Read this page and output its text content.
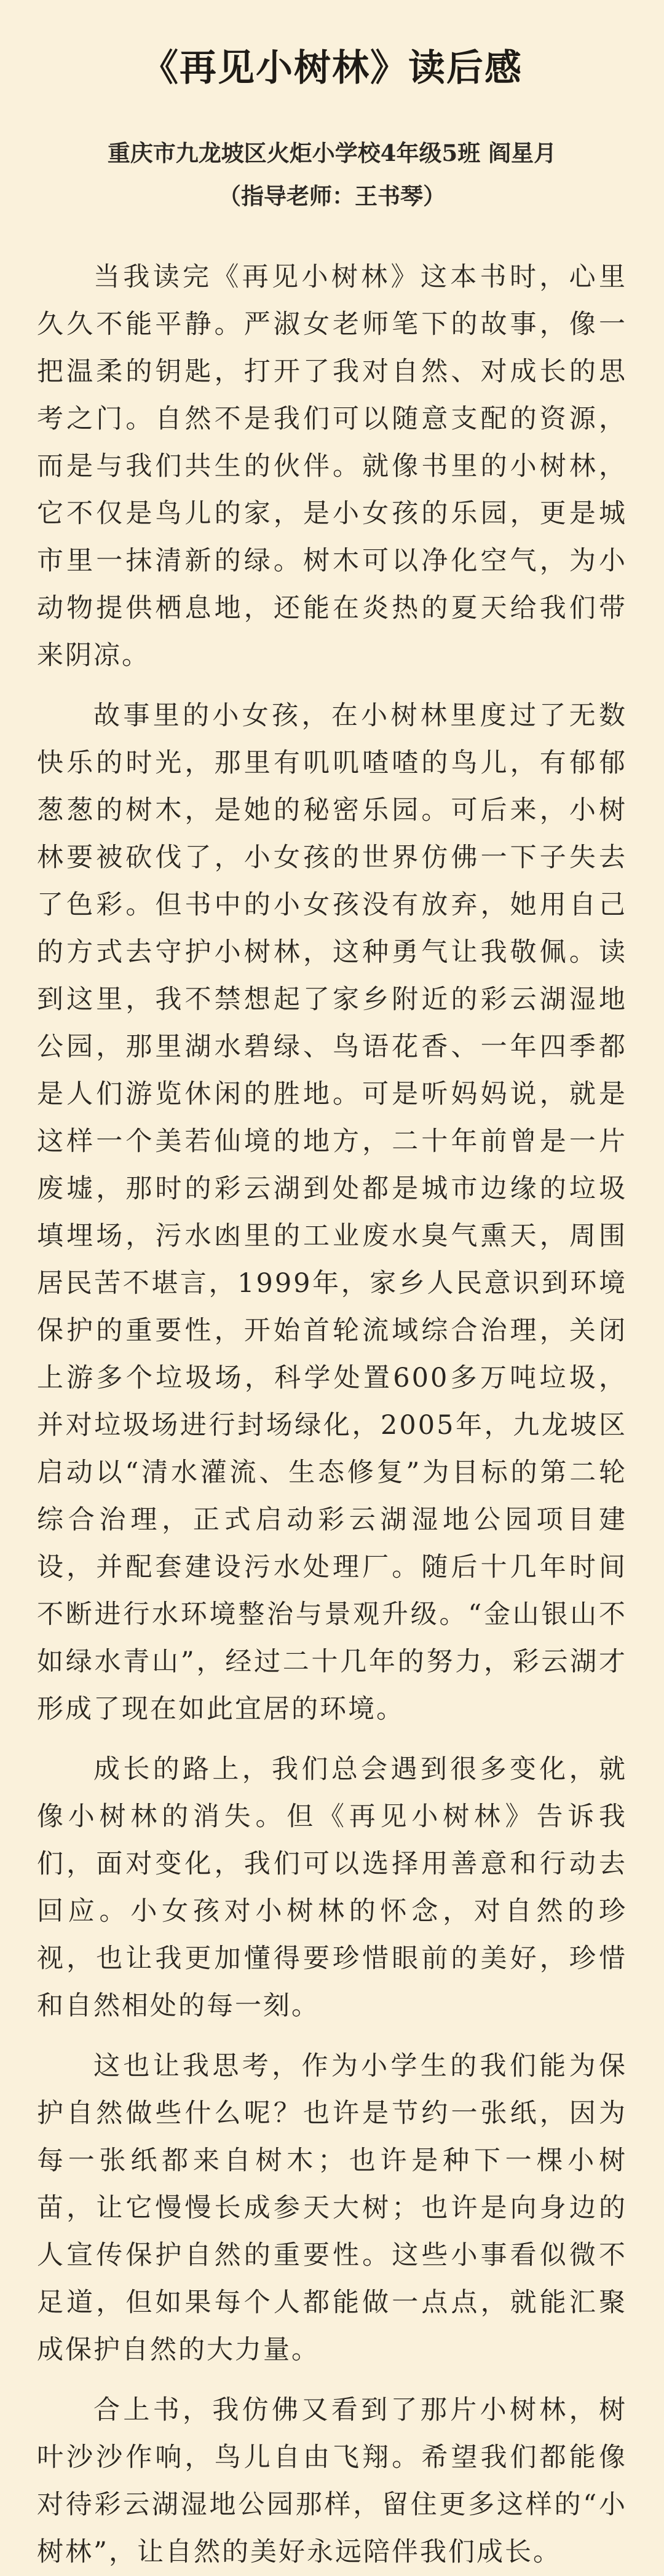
《再见小树林》读后感

重庆市九龙坡区火炬小学校4年级5班 阎星月

（指导老师：王书琴）

当我读完《再见小树林》这本书时，心里久久不能平静。严淑女老师笔下的故事，像一把温柔的钥匙，打开了我对自然、对成长的思考之门。自然不是我们可以随意支配的资源，而是与我们共生的伙伴。就像书里的小树林，它不仅是鸟儿的家，是小女孩的乐园，更是城市里一抹清新的绿。树木可以净化空气，为小动物提供栖息地，还能在炎热的夏天给我们带来阴凉。

故事里的小女孩，在小树林里度过了无数快乐的时光，那里有叽叽喳喳的鸟儿，有郁郁葱葱的树木，是她的秘密乐园。可后来，小树林要被砍伐了，小女孩的世界仿佛一下子失去了色彩。但书中的小女孩没有放弃，她用自己的方式去守护小树林，这种勇气让我敬佩。读到这里，我不禁想起了家乡附近的彩云湖湿地公园，那里湖水碧绿、鸟语花香、一年四季都是人们游览休闲的胜地。可是听妈妈说，就是这样一个美若仙境的地方，二十年前曾是一片废墟，那时的彩云湖到处都是城市边缘的垃圾填埋场，污水凼里的工业废水臭气熏天，周围居民苦不堪言，1999年，家乡人民意识到环境保护的重要性，开始首轮流域综合治理，关闭上游多个垃圾场，科学处置600多万吨垃圾，并对垃圾场进行封场绿化，2005年，九龙坡区启动以“清水灌流、生态修复”为目标的第二轮综合治理，正式启动彩云湖湿地公园项目建设，并配套建设污水处理厂。随后十几年时间不断进行水环境整治与景观升级。“金山银山不如绿水青山”，经过二十几年的努力，彩云湖才形成了现在如此宜居的环境。

成长的路上，我们总会遇到很多变化，就像小树林的消失。但《再见小树林》告诉我们，面对变化，我们可以选择用善意和行动去回应。小女孩对小树林的怀念，对自然的珍视，也让我更加懂得要珍惜眼前的美好，珍惜和自然相处的每一刻。

这也让我思考，作为小学生的我们能为保护自然做些什么呢？也许是节约一张纸，因为每一张纸都来自树木；也许是种下一棵小树苗，让它慢慢长成参天大树；也许是向身边的人宣传保护自然的重要性。这些小事看似微不足道，但如果每个人都能做一点点，就能汇聚成保护自然的大力量。

合上书，我仿佛又看到了那片小树林，树叶沙沙作响，鸟儿自由飞翔。希望我们都能像对待彩云湖湿地公园那样，留住更多这样的“小树林”，让自然的美好永远陪伴我们成长。
